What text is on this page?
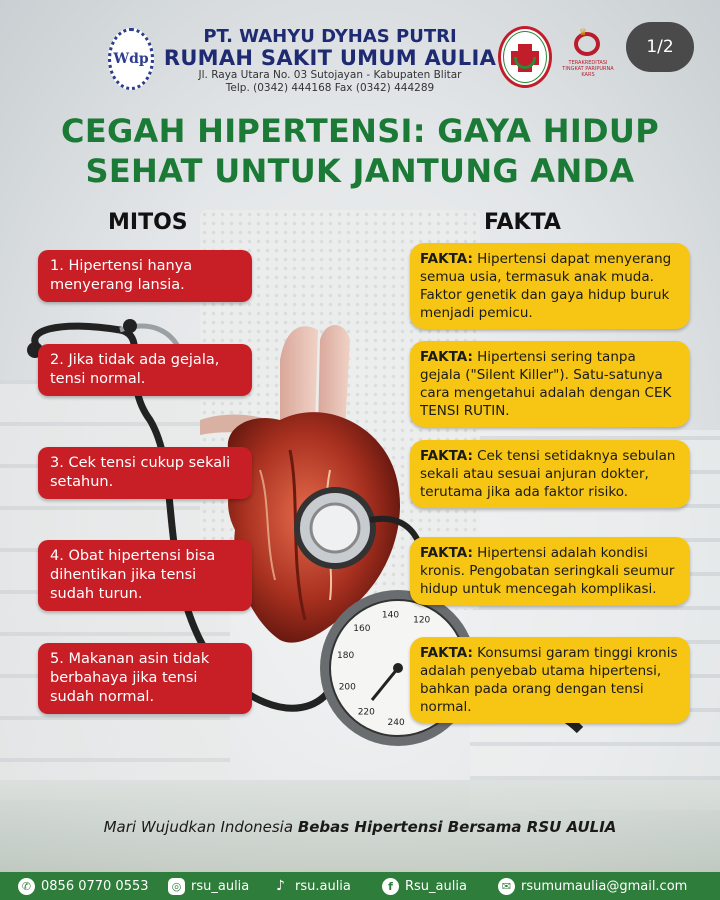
Wdp
PT. WAHYU DYHAS PUTRI
RUMAH SAKIT UMUM AULIA
Jl. Raya Utara No. 03 Sutojayan - Kabupaten Blitar
Telp. (0342) 444168 Fax (0342) 444289
♛
TERAKREDITASI TINGKAT PARIPURNA KARS
1/2
CEGAH HIPERTENSI: GAYA HIDUP
SEHAT UNTUK JANTUNG ANDA
MITOS	FAKTA
120
140
160
180
200
220
240
1. Hipertensi hanya menyerang lansia.
2. Jika tidak ada gejala, tensi normal.
3. Cek tensi cukup sekali setahun.
4. Obat hipertensi bisa dihentikan jika tensi sudah turun.
5. Makanan asin tidak berbahaya jika tensi sudah normal.
FAKTA: Hipertensi dapat menyerang semua usia, termasuk anak muda. Faktor genetik dan gaya hidup buruk menjadi pemicu.
FAKTA: Hipertensi sering tanpa gejala ("Silent Killer"). Satu-satunya cara mengetahui adalah dengan CEK TENSI RUTIN.
FAKTA: Cek tensi setidaknya sebulan sekali atau sesuai anjuran dokter, terutama jika ada faktor risiko.
FAKTA: Hipertensi adalah kondisi kronis. Pengobatan seringkali seumur hidup untuk mencegah komplikasi.
FAKTA: Konsumsi garam tinggi kronis adalah penyebab utama hipertensi, bahkan pada orang dengan tensi normal.
Mari Wujudkan Indonesia Bebas Hipertensi Bersama RSU AULIA
✆ 0856 0770 0553	◎ rsu_aulia ♪ rsu.aulia	f Rsu_aulia	✉ rsumumaulia@gmail.com
